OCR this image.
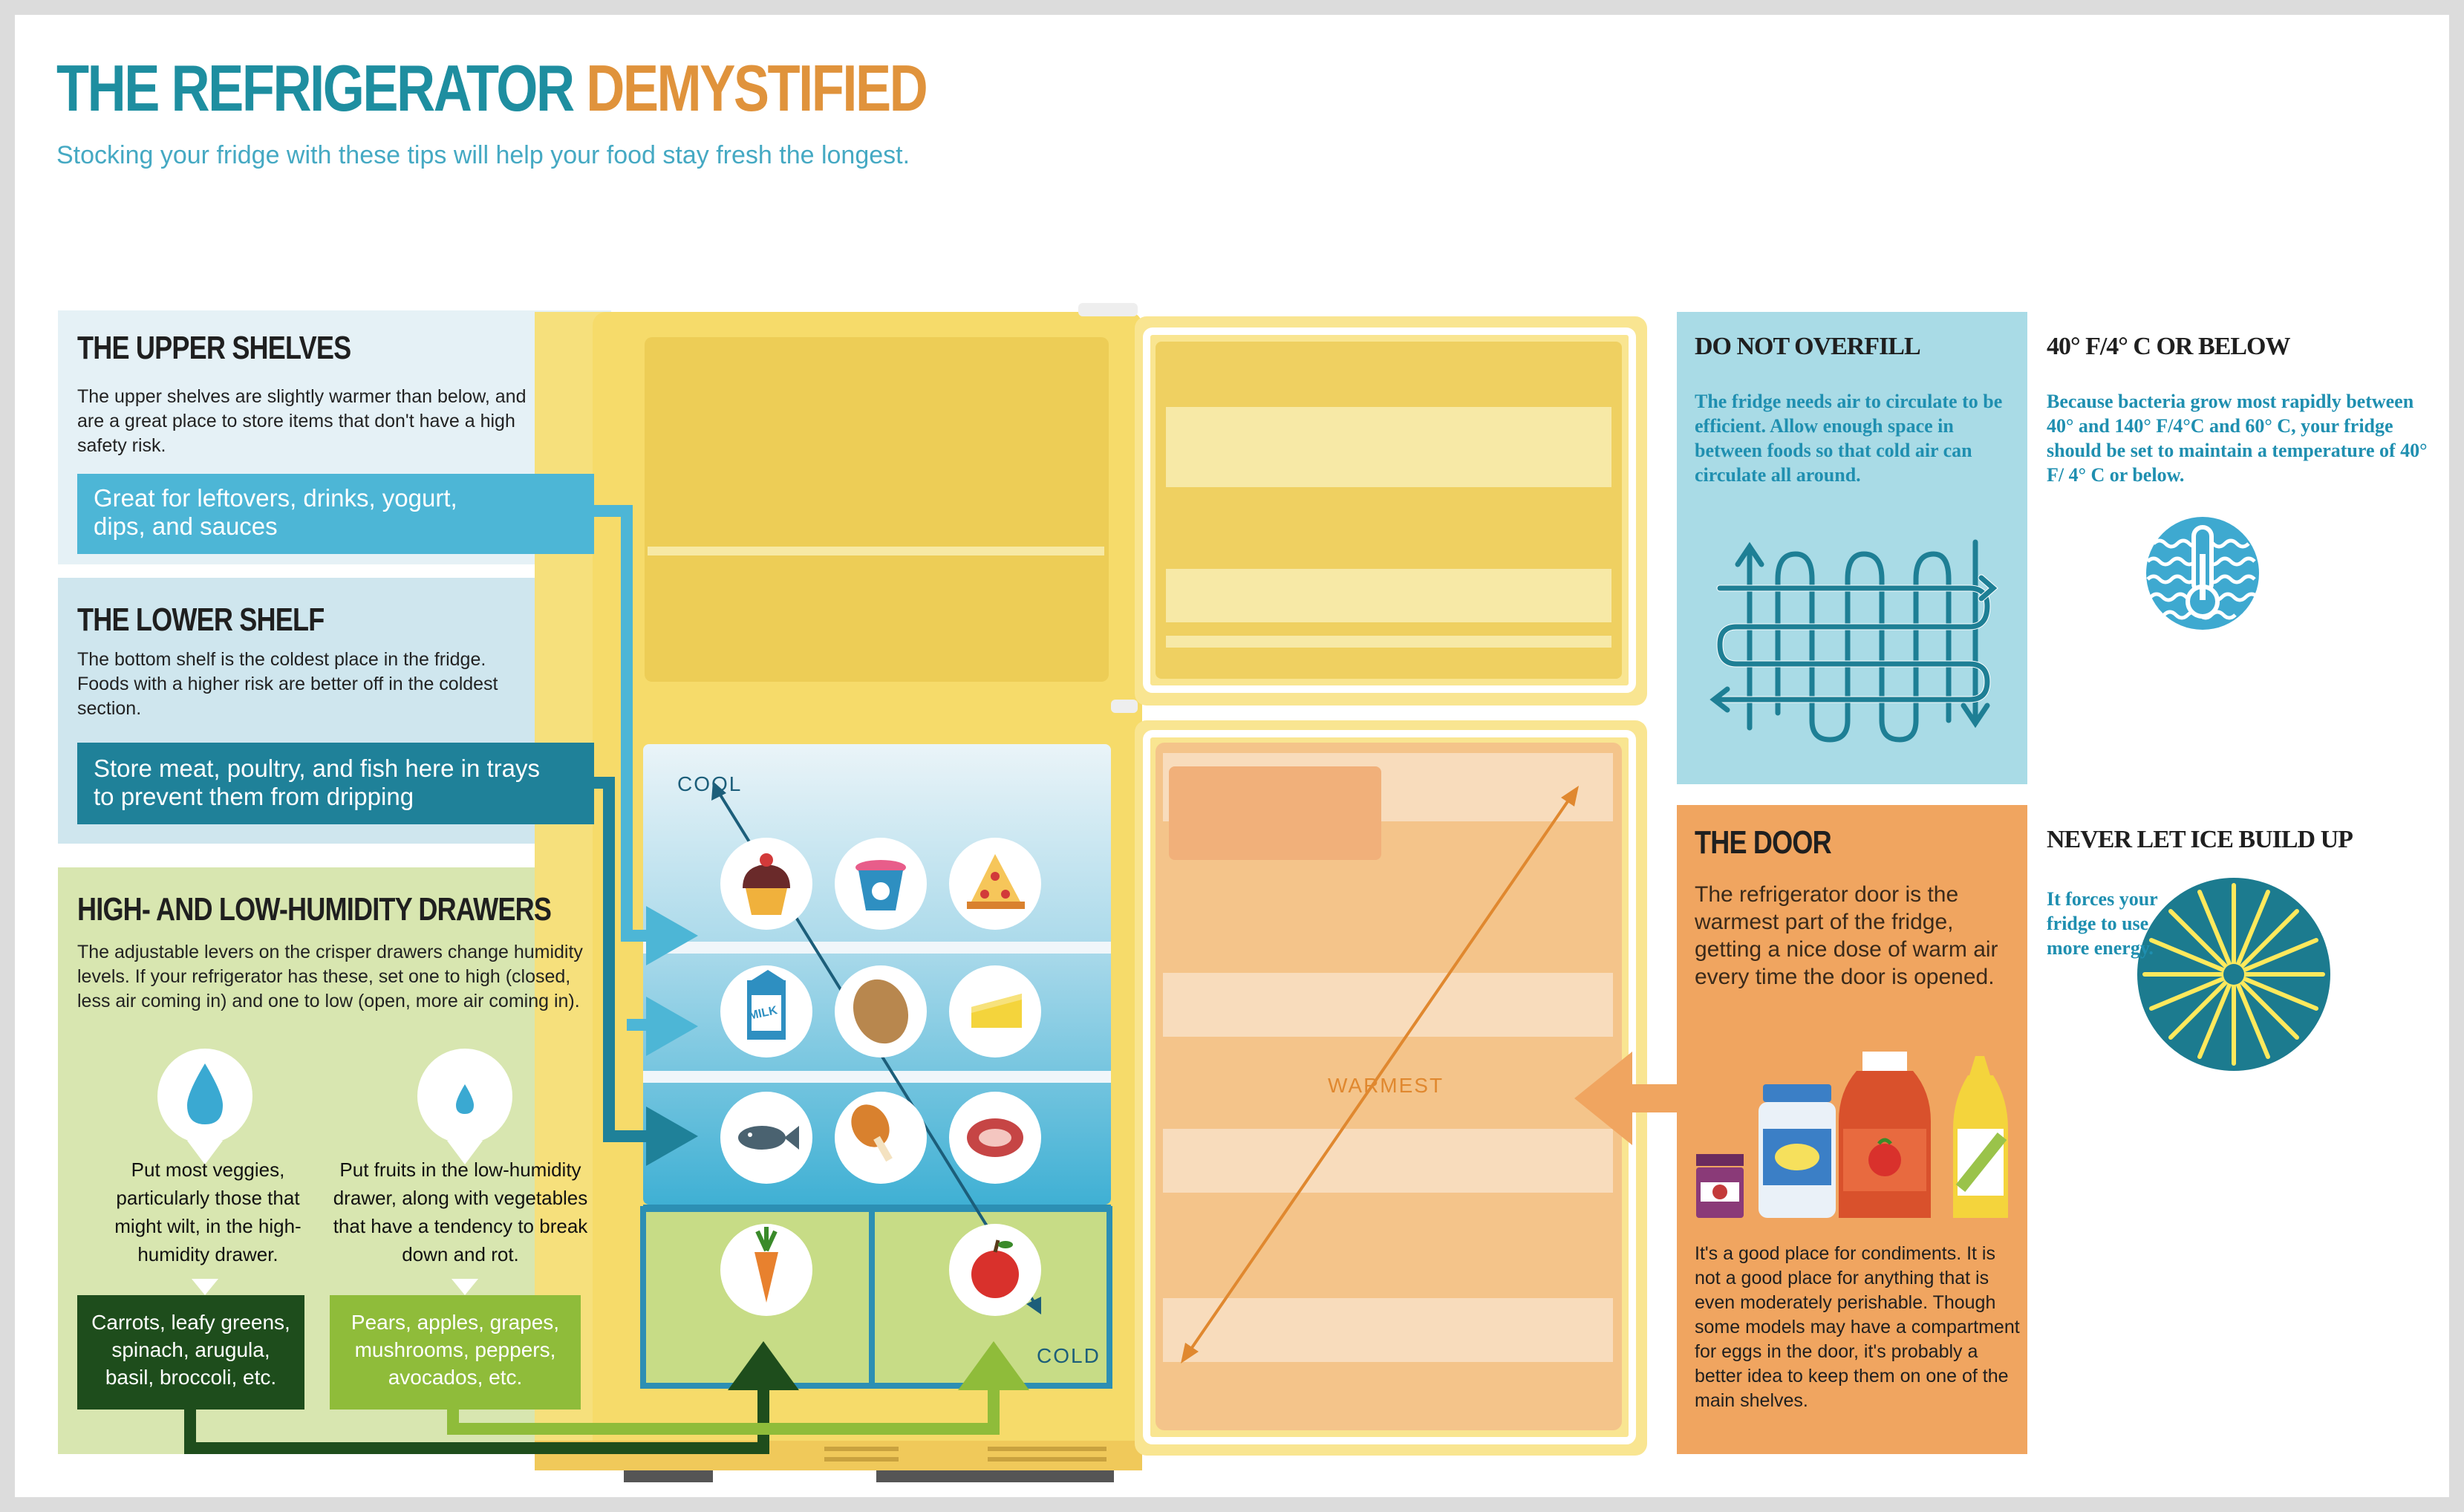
THE REFRIGERATOR DEMYSTIFIED

Stocking your fridge with these tips will help your food stay fresh the longest.

THE UPPER SHELVES

The upper shelves are slightly warmer than below, and are a great place to store items that don't have a high safety risk.

Great for leftovers, drinks, yogurt, dips, and sauces

THE LOWER SHELF

The bottom shelf is the coldest place in the fridge. Foods with a higher risk are better off in the coldest section.

Store meat, poultry, and fish here in trays to prevent them from dripping

HIGH- AND LOW-HUMIDITY DRAWERS

The adjustable levers on the crisper drawers change humidity levels. If your refrigerator has these, set one to high (closed, less air coming in) and one to low (open, more air coming in).

Put most veggies, particularly those that might wilt, in the high-humidity drawer.

Put fruits in the low-humidity drawer, along with vegetables that have a tendency to break down and rot.

Carrots, leafy greens, spinach, arugula, basil, broccoli, etc.

Pears, apples, grapes, mushrooms, peppers, avocados, etc.

COOL

COLD

WARMEST

MILK

DO NOT OVERFILL

The fridge needs air to circulate to be efficient. Allow enough space in between foods so that cold air can circulate all around.

40° F/4° C OR BELOW

Because bacteria grow most rapidly between 40° and 140° F/4°C and 60° C, your fridge should be set to maintain a temperature of 40° F/ 4° C or below.

THE DOOR

The refrigerator door is the warmest part of the fridge, getting a nice dose of warm air every time the door is opened.

It's a good place for condiments. It is not a good place for anything that is even moderately perishable. Though some models may have a compartment for eggs in the door, it's probably a better idea to keep them on one of the main shelves.

NEVER LET ICE BUILD UP

It forces your fridge to use more energy.
